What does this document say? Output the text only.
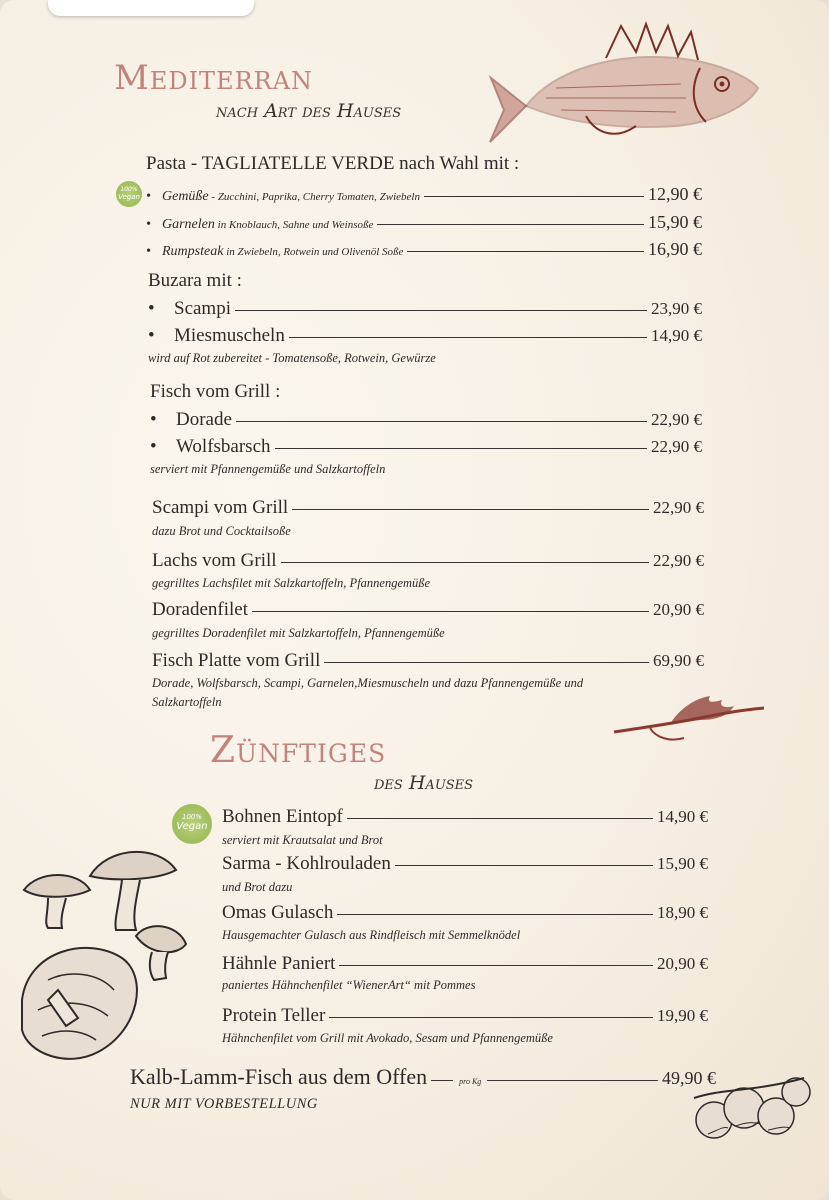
Mediterran
nach Art des Hauses
Pasta - TAGLIATELLE VERDE nach Wahl mit :
100%
Vegan • Gemüße - Zucchini, Paprika, Cherry Tomaten, Zwiebeln	12,90 €
• Garnelen in Knoblauch, Sahne und Weinsoße	15,90 €
• Rumpsteak in Zwiebeln, Rotwein und Olivenöl Soße	16,90 €
Buzara mit :
• Scampi	23,90 €
• Miesmuscheln	14,90 €
wird auf Rot zubereitet - Tomatensoße, Rotwein, Gewürze
Fisch vom Grill :
• Dorade	22,90 €
• Wolfsbarsch	22,90 €
serviert mit Pfannengemüße und Salzkartoffeln
Scampi vom Grill	22,90 €
dazu Brot und Cocktailsoße
Lachs vom Grill	22,90 €
gegrilltes Lachsfilet mit Salzkartoffeln, Pfannengemüße
Doradenfilet	20,90 €
gegrilltes Doradenfilet mit Salzkartoffeln, Pfannengemüße
Fisch Platte vom Grill	69,90 €
Dorade, Wolfsbarsch, Scampi, Garnelen,Miesmuscheln und dazu Pfannengemüße und Salzkartoffeln
Zünftiges
des Hauses
100%
Vegan Bohnen Eintopf	14,90 €
serviert mit Krautsalat und Brot
Sarma - Kohlrouladen	15,90 €
und Brot dazu
Omas Gulasch	18,90 €
Hausgemachter Gulasch aus Rindfleisch mit Semmelknödel
Hähnle Paniert	20,90 €
paniertes Hähnchenfilet “WienerArt“ mit Pommes
Protein Teller	19,90 €
Hähnchenfilet vom Grill mit Avokado, Sesam und Pfannengemüße
Kalb-Lamm-Fisch aus dem Offen	pro Kg	49,90 €
NUR MIT VORBESTELLUNG
